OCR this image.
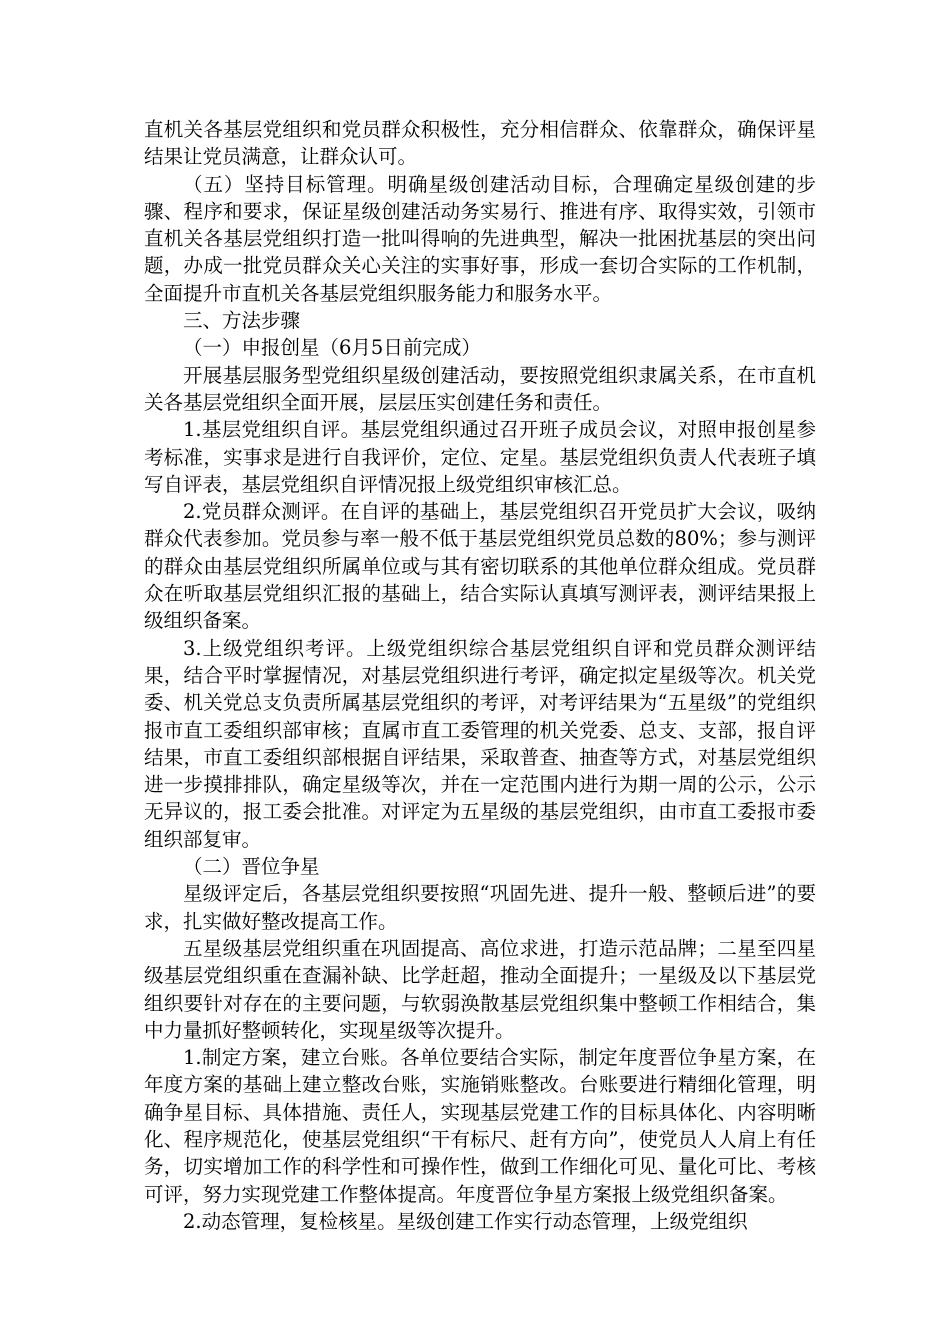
直机关各基层党组织和党员群众积极性，充分相信群众、依靠群众，确保评星结果让党员满意，让群众认可。

（五）坚持目标管理。明确星级创建活动目标，合理确定星级创建的步骤、程序和要求，保证星级创建活动务实易行、推进有序、取得实效，引领市直机关各基层党组织打造一批叫得响的先进典型，解决一批困扰基层的突出问题，办成一批党员群众关心关注的实事好事，形成一套切合实际的工作机制，全面提升市直机关各基层党组织服务能力和服务水平。

三、方法步骤

（一）申报创星（6月5日前完成）

开展基层服务型党组织星级创建活动，要按照党组织隶属关系，在市直机关各基层党组织全面开展，层层压实创建任务和责任。

1.基层党组织自评。基层党组织通过召开班子成员会议，对照申报创星参考标准，实事求是进行自我评价，定位、定星。基层党组织负责人代表班子填写自评表，基层党组织自评情况报上级党组织审核汇总。

2.党员群众测评。在自评的基础上，基层党组织召开党员扩大会议，吸纳群众代表参加。党员参与率一般不低于基层党组织党员总数的80%；参与测评的群众由基层党组织所属单位或与其有密切联系的其他单位群众组成。党员群众在听取基层党组织汇报的基础上，结合实际认真填写测评表，测评结果报上级组织备案。

3.上级党组织考评。上级党组织综合基层党组织自评和党员群众测评结果，结合平时掌握情况，对基层党组织进行考评，确定拟定星级等次。机关党委、机关党总支负责所属基层党组织的考评，对考评结果为“五星级”的党组织报市直工委组织部审核；直属市直工委管理的机关党委、总支、支部，报自评结果，市直工委组织部根据自评结果，采取普查、抽查等方式，对基层党组织进一步摸排排队，确定星级等次，并在一定范围内进行为期一周的公示，公示无异议的，报工委会批准。对评定为五星级的基层党组织，由市直工委报市委组织部复审。

（二）晋位争星

星级评定后，各基层党组织要按照“巩固先进、提升一般、整顿后进”的要求，扎实做好整改提高工作。

五星级基层党组织重在巩固提高、高位求进，打造示范品牌；二星至四星级基层党组织重在查漏补缺、比学赶超，推动全面提升；一星级及以下基层党组织要针对存在的主要问题，与软弱涣散基层党组织集中整顿工作相结合，集中力量抓好整顿转化，实现星级等次提升。

1.制定方案，建立台账。各单位要结合实际，制定年度晋位争星方案，在年度方案的基础上建立整改台账，实施销账整改。台账要进行精细化管理，明确争星目标、具体措施、责任人，实现基层党建工作的目标具体化、内容明晰化、程序规范化，使基层党组织“干有标尺、赶有方向”，使党员人人肩上有任务，切实增加工作的科学性和可操作性，做到工作细化可见、量化可比、考核可评，努力实现党建工作整体提高。年度晋位争星方案报上级党组织备案。

2.动态管理，复检核星。星级创建工作实行动态管理，上级党组织
